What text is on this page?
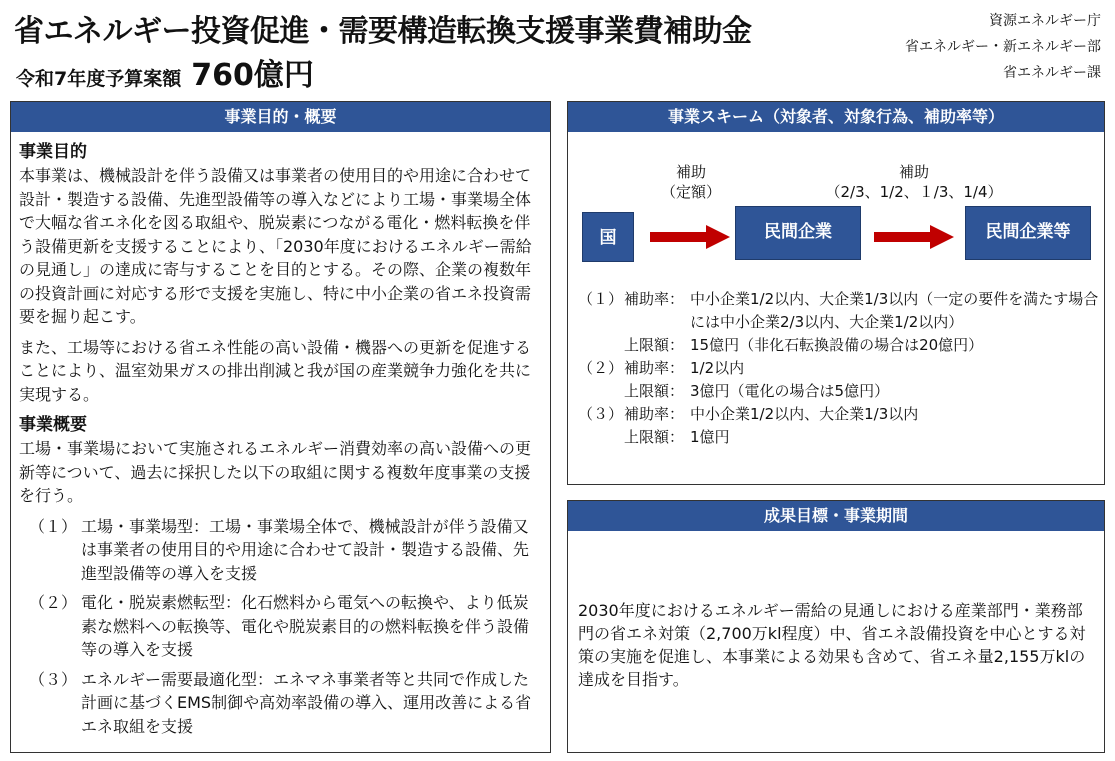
省エネルギー投資促進・需要構造転換支援事業費補助金
令和7年度予算案額 760億円
資源エネルギー庁
省エネルギー・新エネルギー部
省エネルギー課
事業目的・概要
事業目的

本事業は、機械設計を伴う設備又は事業者の使用目的や用途に合わせて設計・製造する設備、先進型設備等の導入などにより工場・事業場全体で大幅な省エネ化を図る取組や、脱炭素につながる電化・燃料転換を伴う設備更新を支援することにより、「2030年度におけるエネルギー需給の見通し」の達成に寄与することを目的とする。その際、企業の複数年の投資計画に対応する形で支援を実施し、特に中小企業の省エネ投資需要を掘り起こす。

また、工場等における省エネ性能の高い設備・機器への更新を促進することにより、温室効果ガスの排出削減と我が国の産業競争力強化を共に実現する。

事業概要

工場・事業場において実施されるエネルギー消費効率の高い設備への更新等について、過去に採択した以下の取組に関する複数年度事業の支援を行う。

（１） 工場・事業場型：工場・事業場全体で、機械設計が伴う設備又は事業者の使用目的や用途に合わせて設計・製造する設備、先進型設備等の導入を支援
（２） 電化・脱炭素燃転型：化石燃料から電気への転換や、より低炭素な燃料への転換等、電化や脱炭素目的の燃料転換を伴う設備等の導入を支援
（３） エネルギー需要最適化型：エネマネ事業者等と共同で作成した計画に基づくEMS制御や高効率設備の導入、運用改善による省エネ取組を支援
事業スキーム（対象者、対象行為、補助率等）
補助
（定額）
補助
（2/3、1/2、１/3、1/4）
国	民間企業	民間企業等
（１） 補助率： 中小企業1/2以内、大企業1/3以内（一定の要件を満たす場合には中小企業2/3以内、大企業1/2以内）
上限額： 15億円（非化石転換設備の場合は20億円）
（２） 補助率： 1/2以内
上限額： 3億円（電化の場合は5億円）
（３） 補助率： 中小企業1/2以内、大企業1/3以内
上限額： 1億円
成果目標・事業期間
2030年度におけるエネルギー需給の見通しにおける産業部門・業務部門の省エネ対策（2,700万kl程度）中、省エネ設備投資を中心とする対策の実施を促進し、本事業による効果も含めて、省エネ量2,155万klの達成を目指す。
